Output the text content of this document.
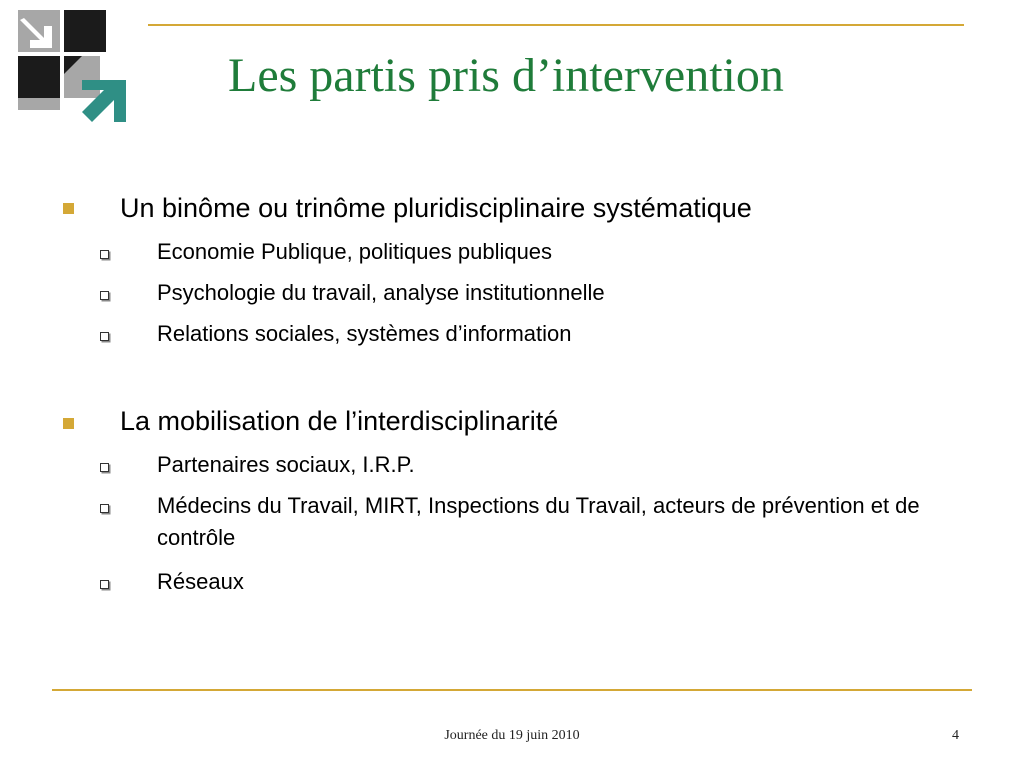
Les partis pris d’intervention
Un binôme ou trinôme pluridisciplinaire systématique
Economie Publique, politiques publiques
Psychologie du travail, analyse institutionnelle
Relations sociales, systèmes d’information
La mobilisation de l’interdisciplinarité
Partenaires sociaux, I.R.P.
Médecins du Travail, MIRT, Inspections du Travail, acteurs de prévention et de contrôle
Réseaux
Journée du 19 juin 2010	4
